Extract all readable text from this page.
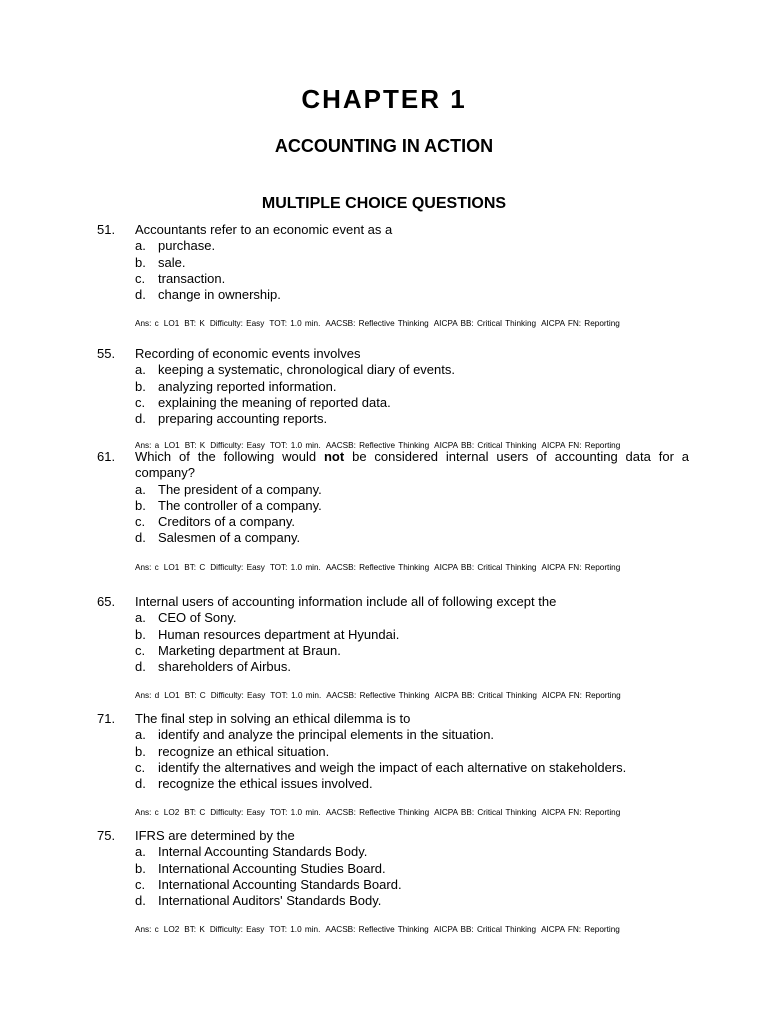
CHAPTER 1
ACCOUNTING IN ACTION
MULTIPLE CHOICE QUESTIONS
51. Accountants refer to an economic event as a
a. purchase.
b. sale.
c. transaction.
d. change in ownership.
Ans: c LO1 BT: K Difficulty: Easy TOT: 1.0 min. AACSB: Reflective Thinking AICPA BB: Critical Thinking AICPA FN: Reporting
55. Recording of economic events involves
a. keeping a systematic, chronological diary of events.
b. analyzing reported information.
c. explaining the meaning of reported data.
d. preparing accounting reports.
Ans: a LO1 BT: K Difficulty: Easy TOT: 1.0 min. AACSB: Reflective Thinking AICPA BB: Critical Thinking AICPA FN: Reporting
61. Which of the following would not be considered internal users of accounting data for a company?
a. The president of a company.
b. The controller of a company.
c. Creditors of a company.
d. Salesmen of a company.
Ans: c LO1 BT: C Difficulty: Easy TOT: 1.0 min. AACSB: Reflective Thinking AICPA BB: Critical Thinking AICPA FN: Reporting
65. Internal users of accounting information include all of following except the
a. CEO of Sony.
b. Human resources department at Hyundai.
c. Marketing department at Braun.
d. shareholders of Airbus.
Ans: d LO1 BT: C Difficulty: Easy TOT: 1.0 min. AACSB: Reflective Thinking AICPA BB: Critical Thinking AICPA FN: Reporting
71. The final step in solving an ethical dilemma is to
a. identify and analyze the principal elements in the situation.
b. recognize an ethical situation.
c. identify the alternatives and weigh the impact of each alternative on stakeholders.
d. recognize the ethical issues involved.
Ans: c LO2 BT: C Difficulty: Easy TOT: 1.0 min. AACSB: Reflective Thinking AICPA BB: Critical Thinking AICPA FN: Reporting
75. IFRS are determined by the
a. Internal Accounting Standards Body.
b. International Accounting Studies Board.
c. International Accounting Standards Board.
d. International Auditors' Standards Body.
Ans: c LO2 BT: K Difficulty: Easy TOT: 1.0 min. AACSB: Reflective Thinking AICPA BB: Critical Thinking AICPA FN: Reporting
